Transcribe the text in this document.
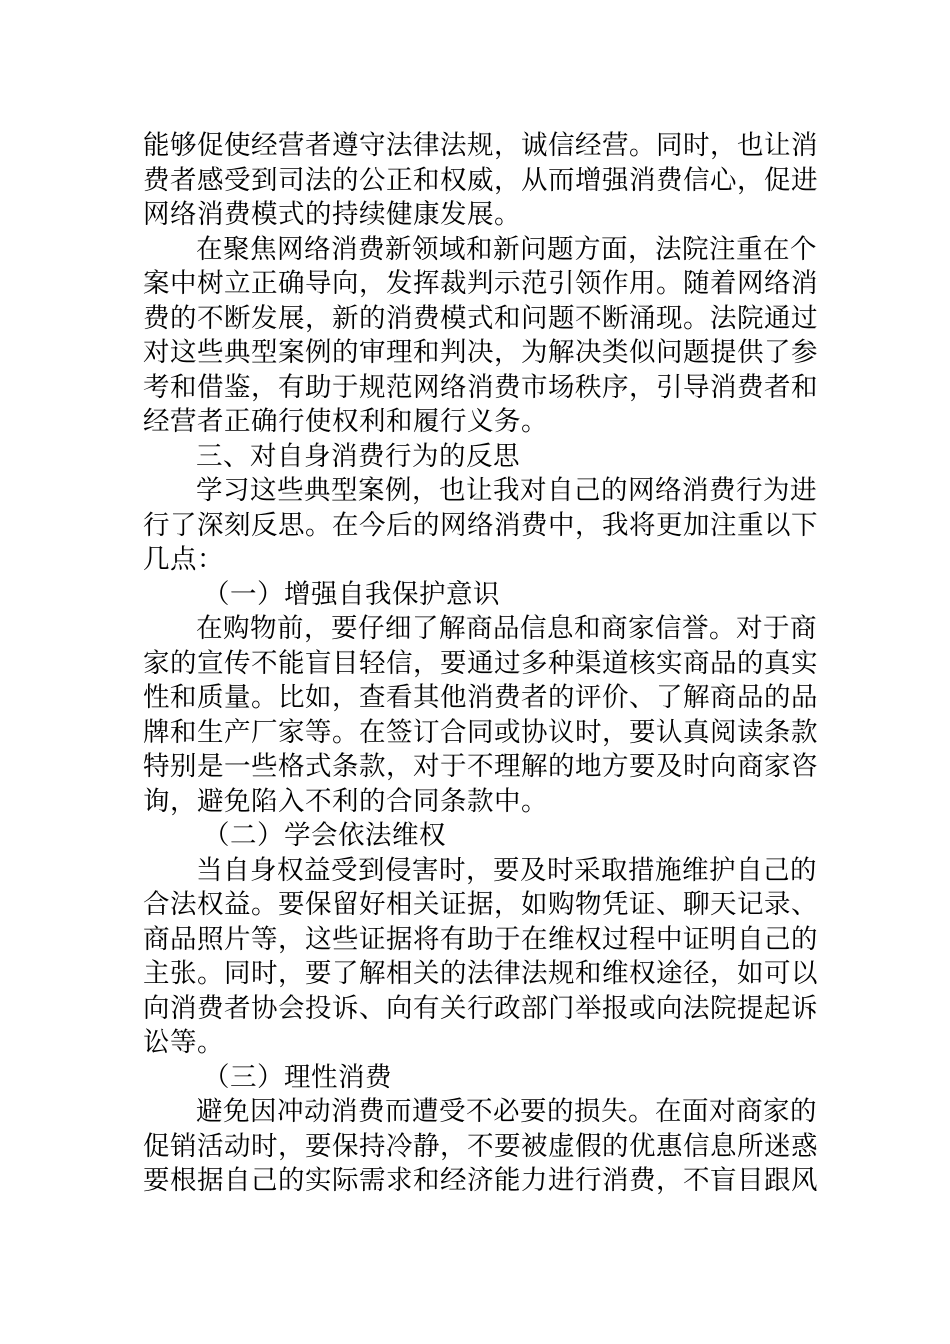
能够促使经营者遵守法律法规，诚信经营。同时，也让消
费者感受到司法的公正和权威，从而增强消费信心，促进
网络消费模式的持续健康发展。
在聚焦网络消费新领域和新问题方面，法院注重在个
案中树立正确导向，发挥裁判示范引领作用。随着网络消
费的不断发展，新的消费模式和问题不断涌现。法院通过
对这些典型案例的审理和判决，为解决类似问题提供了参
考和借鉴，有助于规范网络消费市场秩序，引导消费者和
经营者正确行使权利和履行义务。
三、对自身消费行为的反思
学习这些典型案例，也让我对自己的网络消费行为进
行了深刻反思。在今后的网络消费中，我将更加注重以下
几点：
（一）增强自我保护意识
在购物前，要仔细了解商品信息和商家信誉。对于商
家的宣传不能盲目轻信，要通过多种渠道核实商品的真实
性和质量。比如，查看其他消费者的评价、了解商品的品
牌和生产厂家等。在签订合同或协议时，要认真阅读条款
特别是一些格式条款，对于不理解的地方要及时向商家咨
询，避免陷入不利的合同条款中。
（二）学会依法维权
当自身权益受到侵害时，要及时采取措施维护自己的
合法权益。要保留好相关证据，如购物凭证、聊天记录、
商品照片等，这些证据将有助于在维权过程中证明自己的
主张。同时，要了解相关的法律法规和维权途径，如可以
向消费者协会投诉、向有关行政部门举报或向法院提起诉
讼等。
（三）理性消费
避免因冲动消费而遭受不必要的损失。在面对商家的
促销活动时，要保持冷静，不要被虚假的优惠信息所迷惑
要根据自己的实际需求和经济能力进行消费，不盲目跟风
